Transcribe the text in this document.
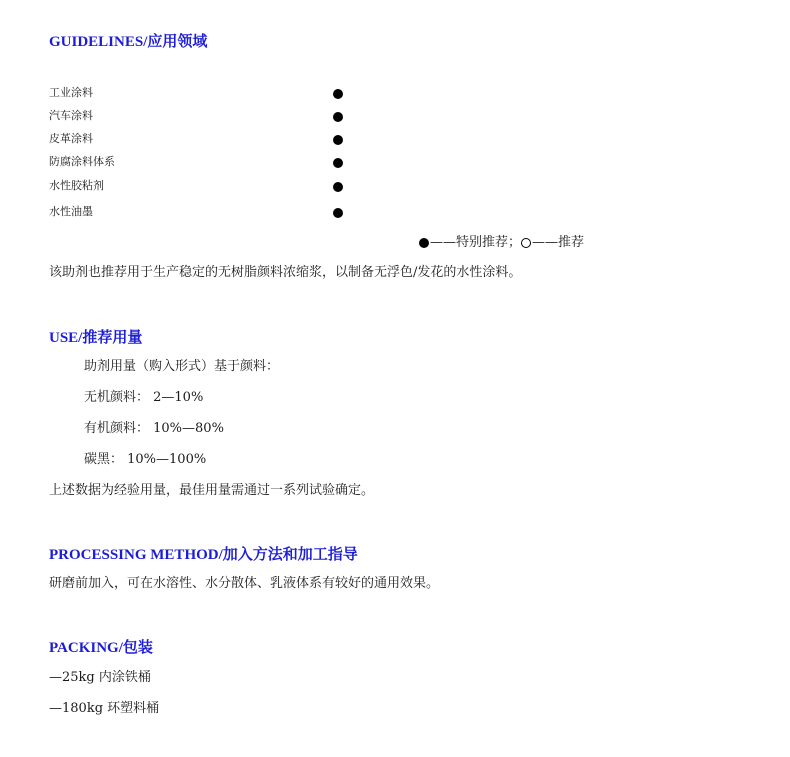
GUIDELINES/应用领域
工业涂料
汽车涂料
皮革涂料
防腐涂料体系
水性胶粘剂
水性油墨
——特别推荐； ——推荐

该助剂也推荐用于生产稳定的无树脂颜料浓缩浆，以制备无浮色/发花的水性涂料。

USE/推荐用量

助剂用量（购入形式）基于颜料：

无机颜料： 2—10%

有机颜料： 10%—80%

碳黑： 10%—100%

上述数据为经验用量，最佳用量需通过一系列试验确定。

PROCESSING METHOD/加入方法和加工指导

研磨前加入，可在水溶性、水分散体、乳液体系有较好的通用效果。

PACKING/包装

—25kg 内涂铁桶

—180kg 环塑料桶
